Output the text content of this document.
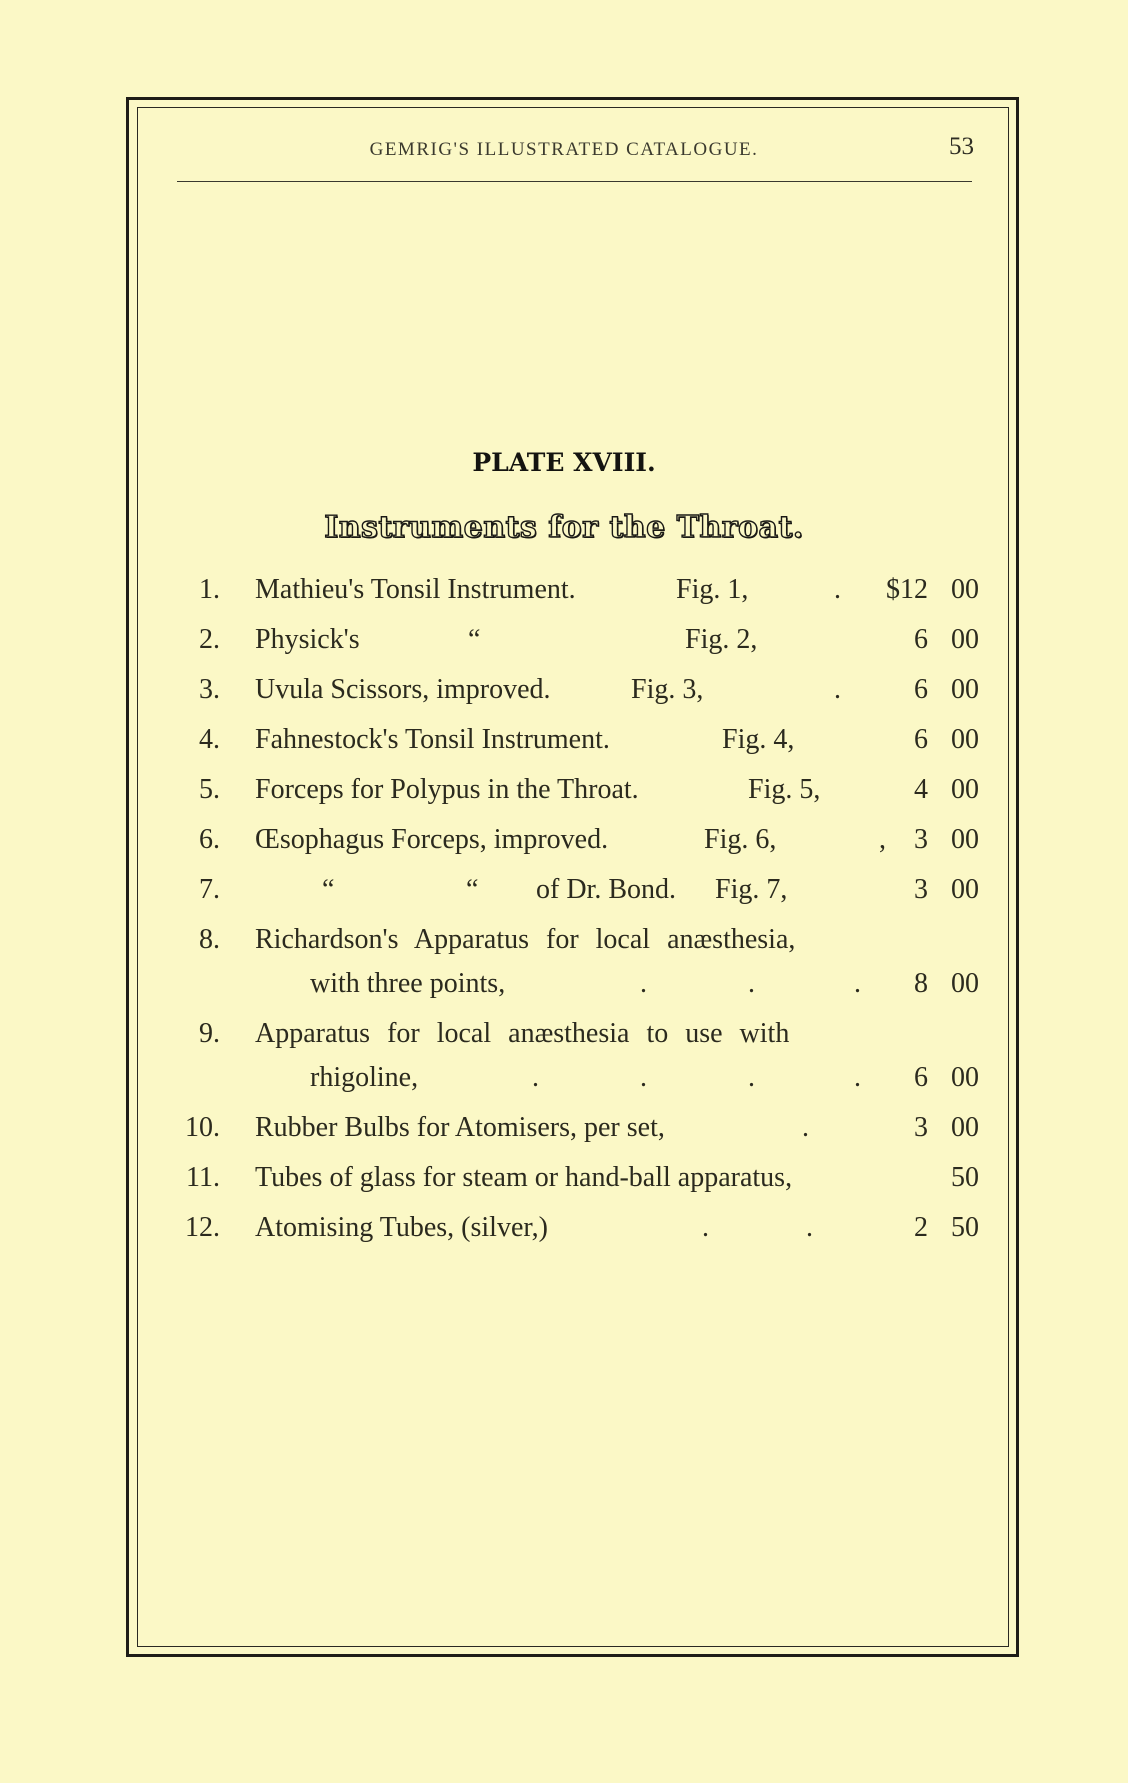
GEMRIG'S ILLUSTRATED CATALOGUE.	53
PLATE XVIII.
Instruments for the Throat.
1. Mathieu's Tonsil Instrument.	Fig. 1,	. $12 00
2. Physick's	“	Fig. 2,	6 00
3. Uvula Scissors, improved.	Fig. 3,	.	6 00
4. Fahnestock's Tonsil Instrument.	Fig. 4,	6 00
5. Forceps for Polypus in the Throat.	Fig. 5,	4 00
6. Œsophagus Forceps, improved.	Fig. 6,	, 3 00
7.	“	“ of Dr. Bond. Fig. 7,	3 00
8. Richardson's Apparatus for local anæsthesia,
with three points,	.	.	. 8 00
9. Apparatus for local anæsthesia to use with
rhigoline,	.	.	.	. 6 00
10. Rubber Bulbs for Atomisers, per set,	.	3 00
11. Tubes of glass for steam or hand-ball apparatus,	50
12. Atomising Tubes, (silver,)	.	.	2 50
